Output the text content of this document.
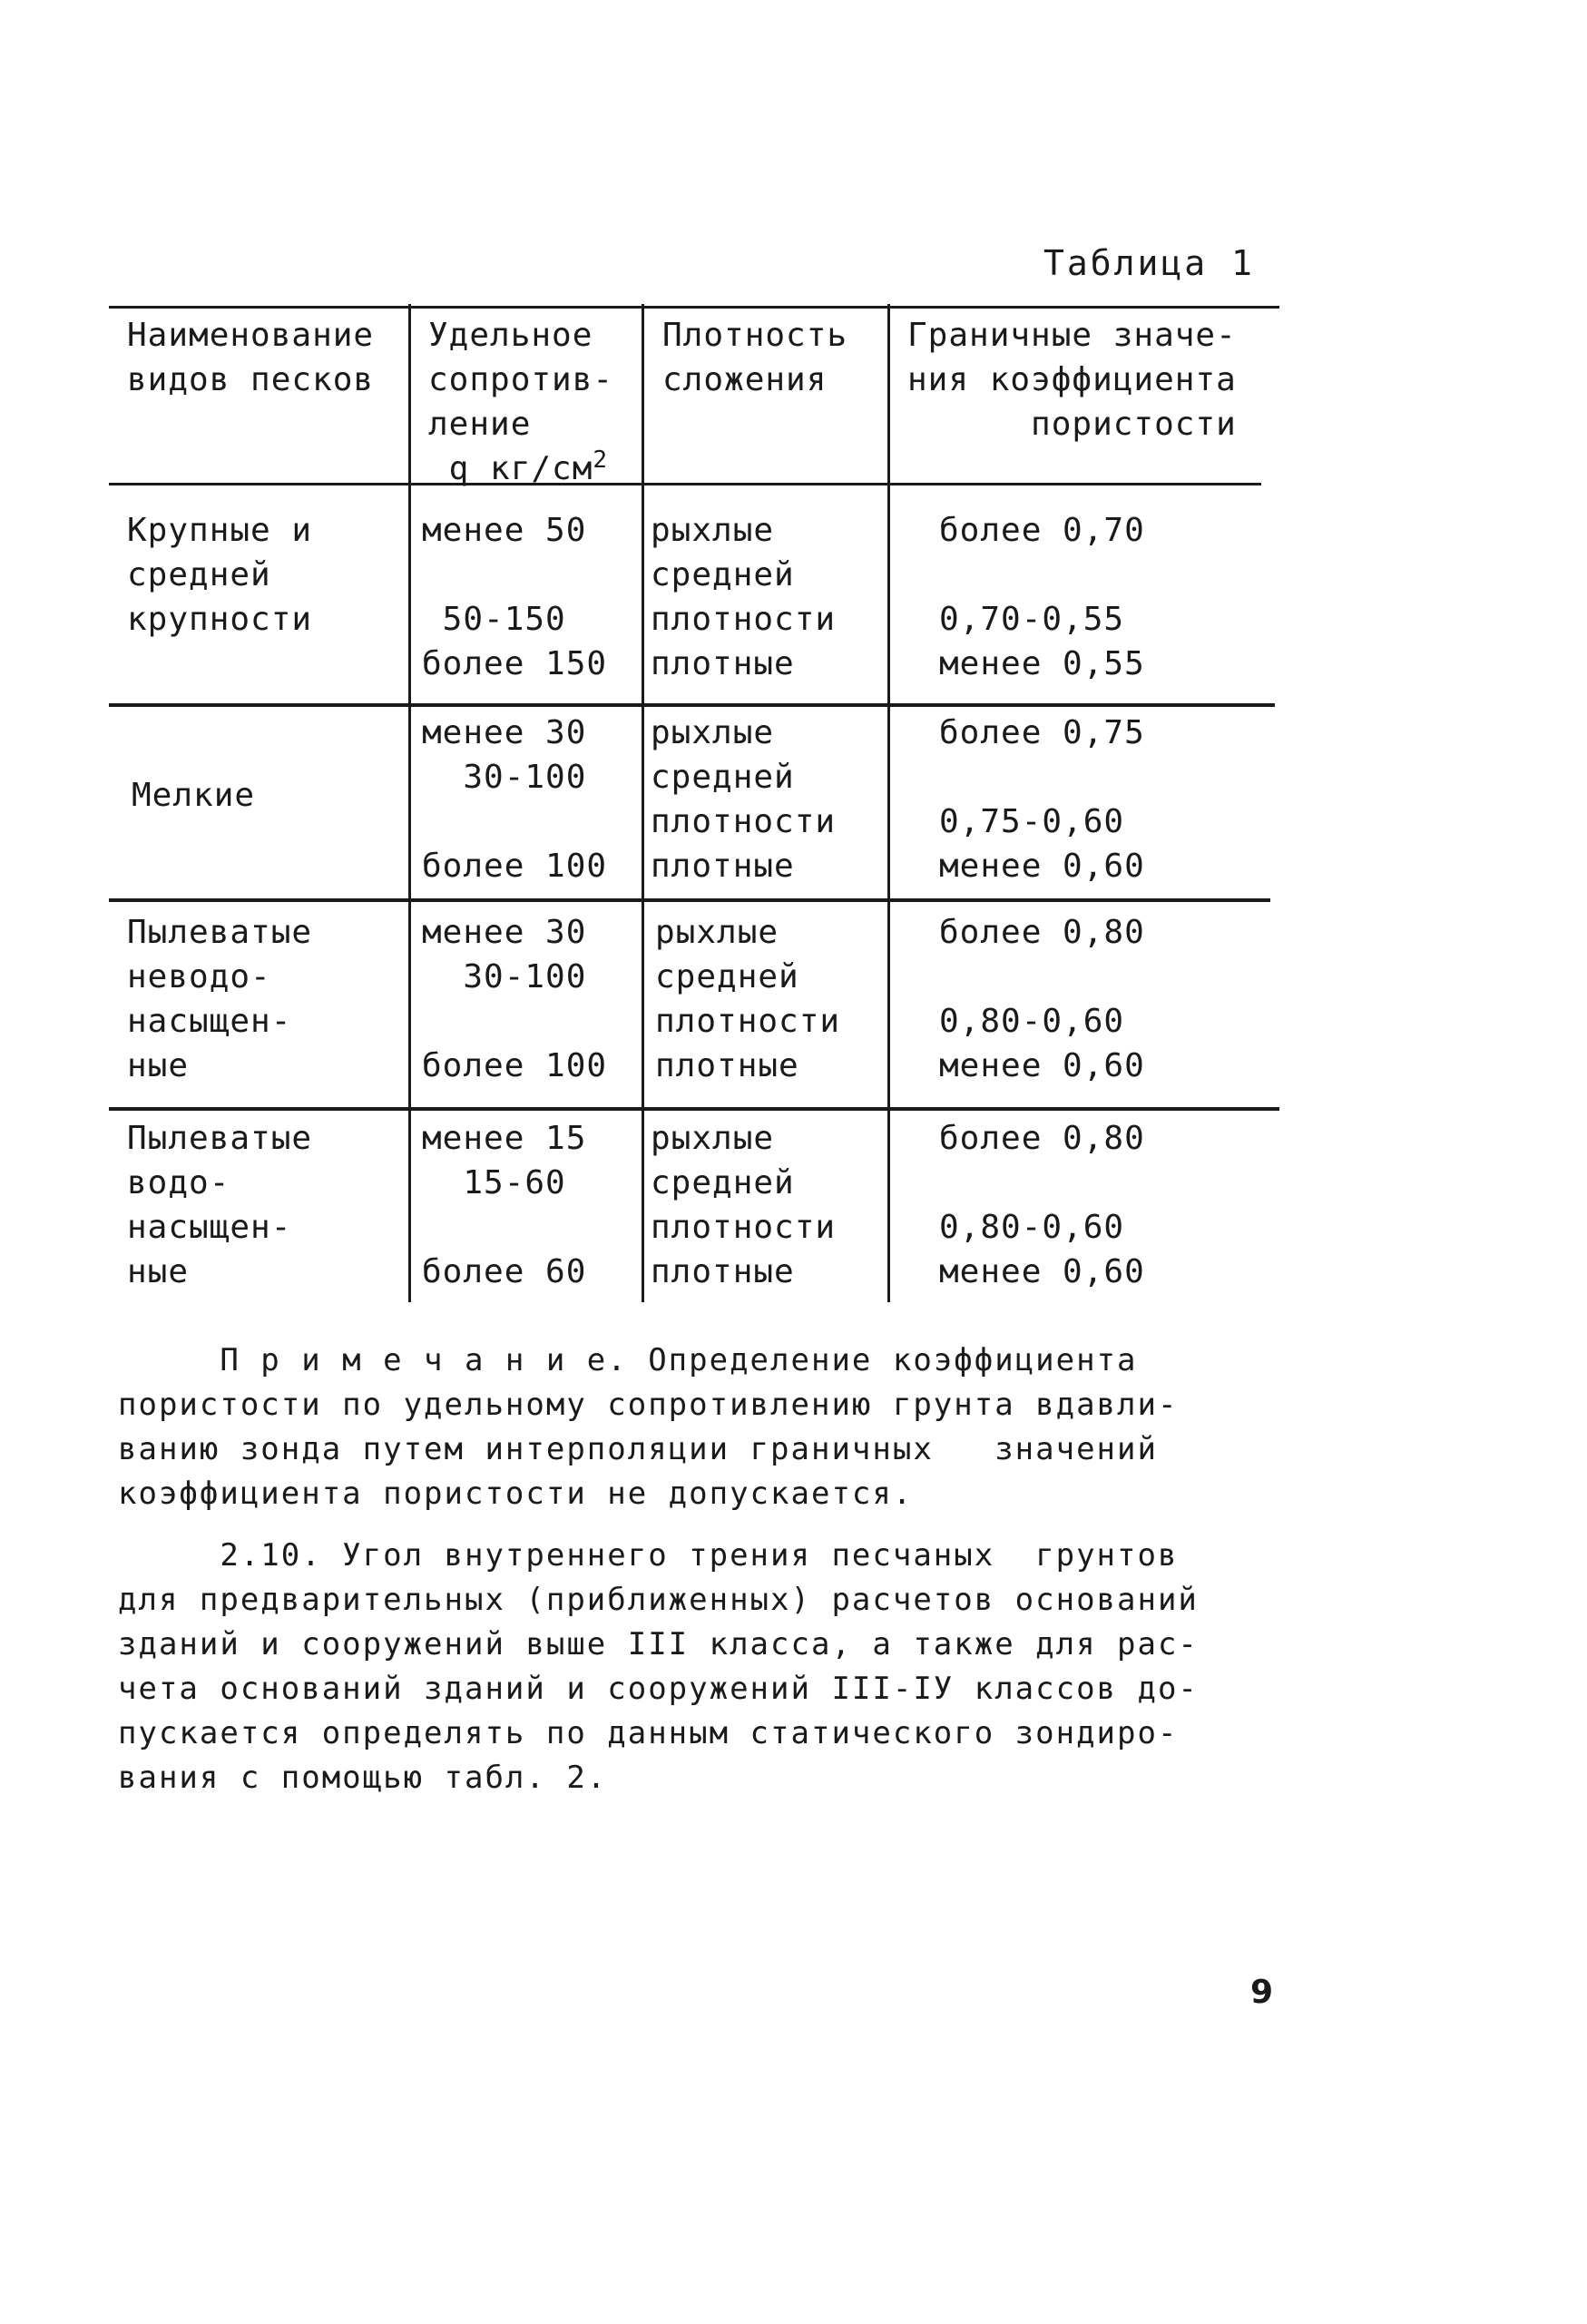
Таблица 1
Наименование
видов песков
Удельное
сопротив-
ление
q $кг/см^2$
Плотность
сложения
Граничные значе-
ния коэффициента
пористости
Крупные и
средней
крупности
менее 50

50-150
более 150
рыхлые
средней
плотности
плотные
более 0,70

0,70-0,55
менее 0,55

Мелкие
менее 30
30-100

более 100
рыхлые
средней
плотности
плотные
более 0,75

0,75-0,60
менее 0,60
Пылеватые
неводо-
насыщен-
ные
менее 30
30-100

более 100
рыхлые
средней
плотности
плотные
более 0,80

0,80-0,60
менее 0,60
Пылеватые
водо-
насыщен-
ные
менее 15
15-60

более 60
рыхлые
средней
плотности
плотные
более 0,80

0,80-0,60
менее 0,60
П р и м е ч а н и е. Определение коэффициента
пористости по удельному сопротивлению грунта вдавли-
ванию зонда путем интерполяции граничных   значений
коэффициента пористости не допускается.
2.10. Угол внутреннего трения песчаных  грунтов
для предварительных (приближенных) расчетов оснований
зданий и сооружений выше III класса, а также для рас-
чета оснований зданий и сооружений III-IУ классов до-
пускается определять по данным статического зондиро-
вания с помощью табл. 2.
9
